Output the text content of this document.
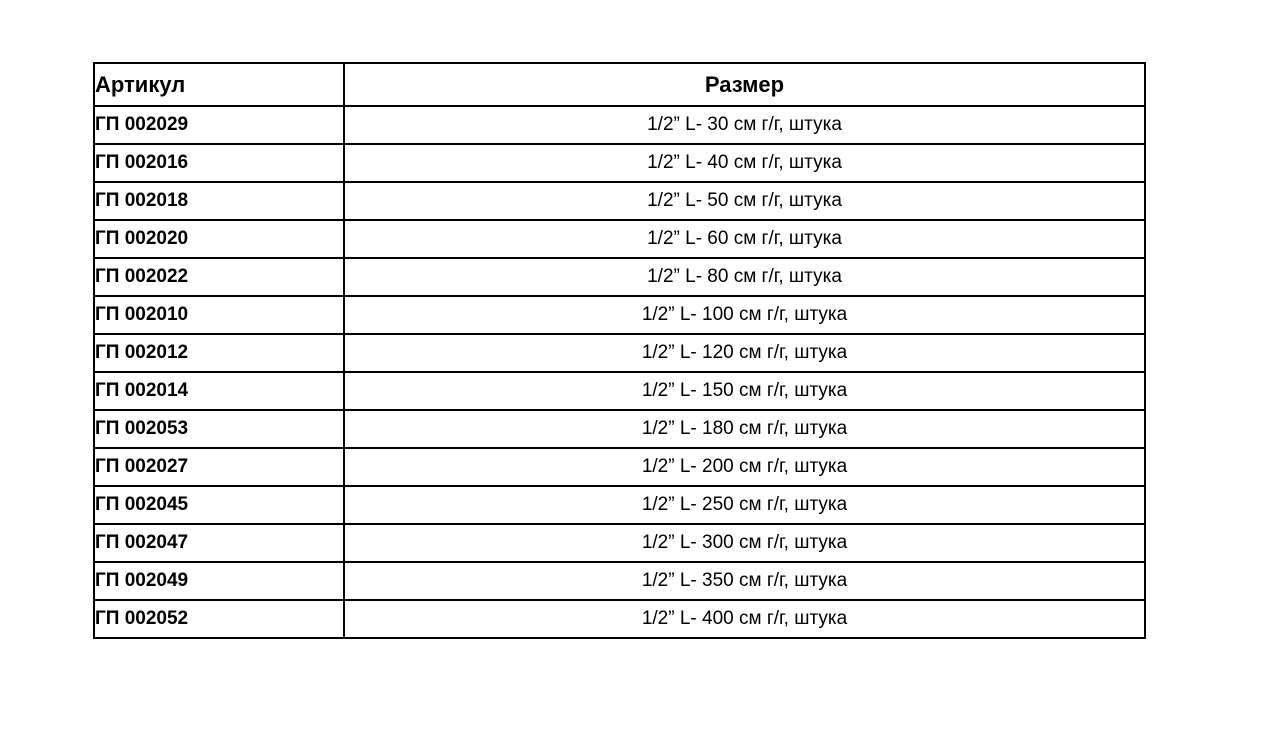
Артикул	Размер
ГП 002029	1/2” L- 30 см г/г, штука
ГП 002016	1/2” L- 40 см г/г, штука
ГП 002018	1/2” L- 50 см г/г, штука
ГП 002020	1/2” L- 60 см г/г, штука
ГП 002022	1/2” L- 80 см г/г, штука
ГП 002010	1/2” L- 100 см г/г, штука
ГП 002012	1/2” L- 120 см г/г, штука
ГП 002014	1/2” L- 150 см г/г, штука
ГП 002053	1/2” L- 180 см г/г, штука
ГП 002027	1/2” L- 200 см г/г, штука
ГП 002045	1/2” L- 250 см г/г, штука
ГП 002047	1/2” L- 300 см г/г, штука
ГП 002049	1/2” L- 350 см г/г, штука
ГП 002052	1/2” L- 400 см г/г, штука
